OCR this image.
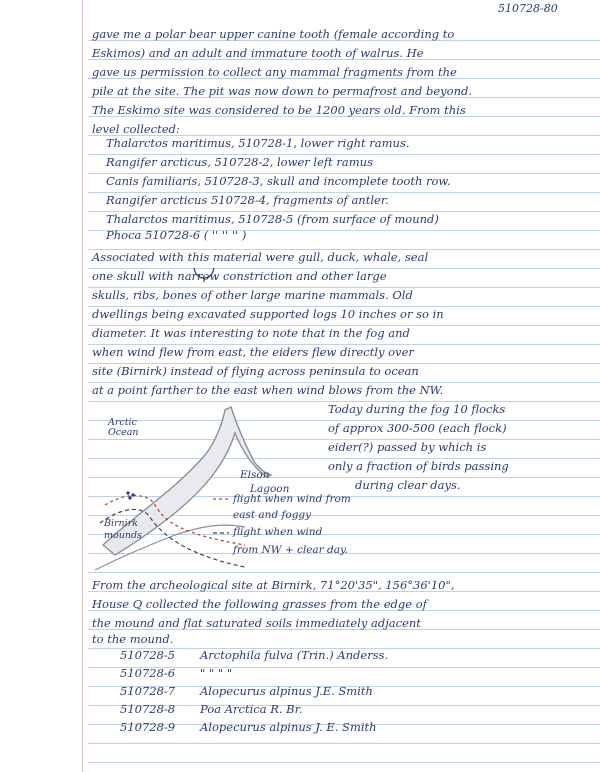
510728-80
gave me a polar bear upper canine tooth (female according to
Eskimos) and an adult and immature tooth of walrus. He
gave us permission to collect any mammal fragments from the
pile at the site. The pit was now down to permafrost and beyond.
The Eskimo site was considered to be 1200 years old. From this
level collected:
Thalarctos maritimus, 510728-1, lower right ramus.
Rangifer arcticus, 510728-2, lower left ramus
Canis familiaris, 510728-3, skull and incomplete tooth row.
Rangifer arcticus 510728-4, fragments of antler.
Thalarctos maritimus, 510728-5 (from surface of mound)
Phoca 510728-6 ( '' '' '' )
Associated with this material were gull, duck, whale, seal
one skull with narrow constriction and other large
skulls, ribs, bones of other large marine mammals. Old
dwellings being excavated supported logs 10 inches or so in
diameter. It was interesting to note that in the fog and
when wind flew from east, the eiders flew directly over
site (Birnirk) instead of flying across peninsula to ocean
at a point farther to the east when wind blows from the NW.
Today during the fog 10 flocks
of approx 300-500 (each flock)
eider(?) passed by which is
only a fraction of birds passing
during clear days.
Arctic
Ocean
Elson
Lagoon
Birnirk
mounds
flight when wind from
east and foggy
flight when wind
from NW + clear day.
From the archeological site at Birnirk, 71°20'35", 156°36'10",
House Q collected the following grasses from the edge of
the mound and flat saturated soils immediately adjacent
to the mound.
510728-5 Arctophila fulva (Trin.) Anderss.
510728-6 " " " "
510728-7 Alopecurus alpinus J.E. Smith
510728-8 Poa Arctica R. Br.
510728-9 Alopecurus alpinus J. E. Smith
